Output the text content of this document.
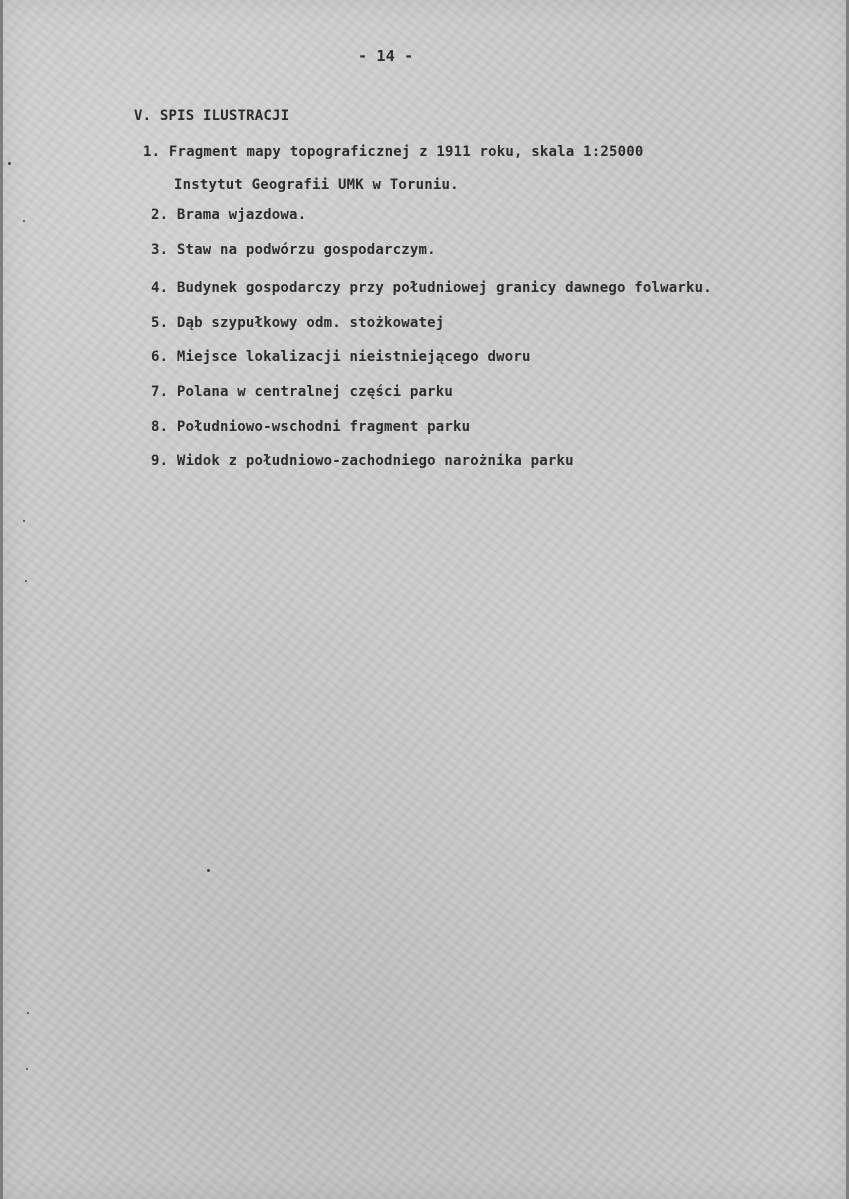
- 14 -
V. SPIS ILUSTRACJI
1. Fragment mapy topograficznej z 1911 roku, skala 1:25000
Instytut Geografii UMK w Toruniu.
2. Brama wjazdowa.
3. Staw na podwórzu gospodarczym.
4. Budynek gospodarczy przy południowej granicy dawnego folwarku.
5. Dąb szypułkowy odm. stożkowatej
6. Miejsce lokalizacji nieistniejącego dworu
7. Polana w centralnej części parku
8. Południowo-wschodni fragment parku
9. Widok z południowo-zachodniego narożnika parku
